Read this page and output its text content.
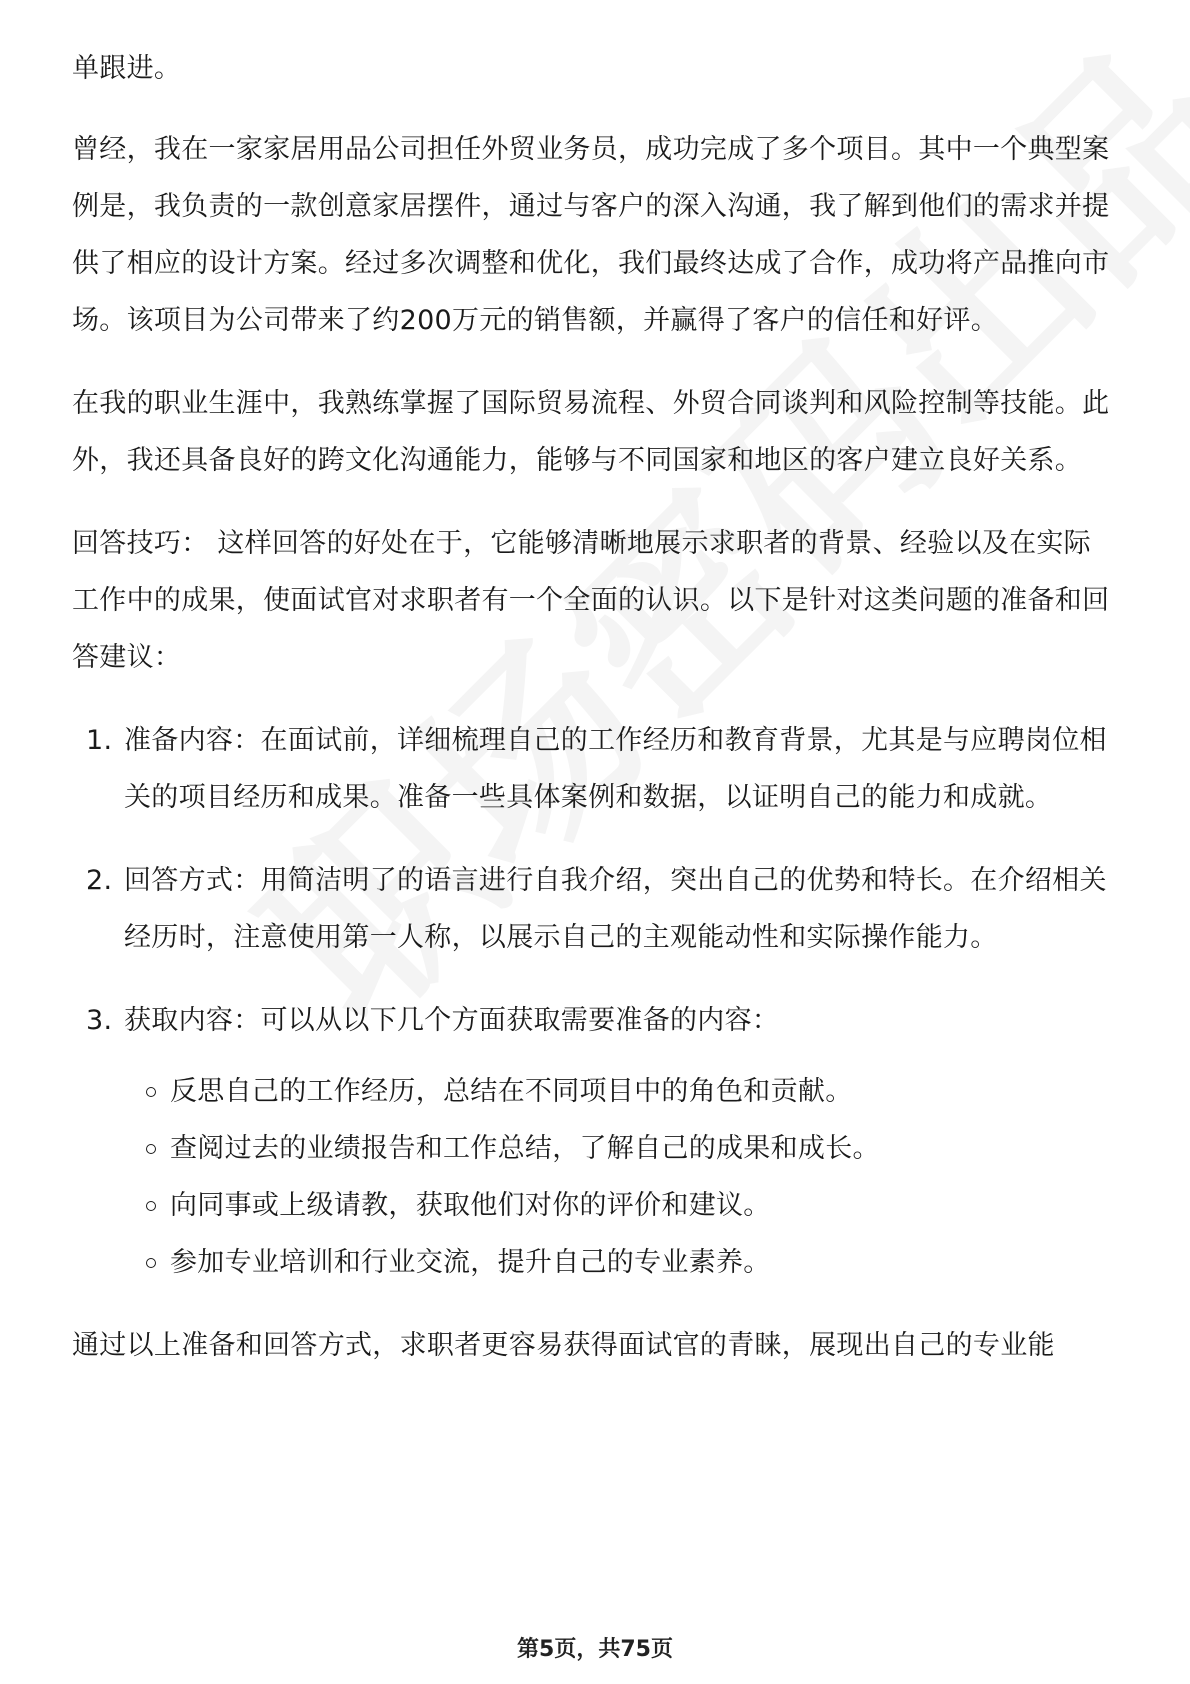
单跟进。

曾经，我在一家家居用品公司担任外贸业务员，成功完成了多个项目。其中一个典型案例是，我负责的一款创意家居摆件，通过与客户的深入沟通，我了解到他们的需求并提供了相应的设计方案。经过多次调整和优化，我们最终达成了合作，成功将产品推向市场。该项目为公司带来了约200万元的销售额，并赢得了客户的信任和好评。

在我的职业生涯中，我熟练掌握了国际贸易流程、外贸合同谈判和风险控制等技能。此外，我还具备良好的跨文化沟通能力，能够与不同国家和地区的客户建立良好关系。

回答技巧： 这样回答的好处在于，它能够清晰地展示求职者的背景、经验以及在实际工作中的成果，使面试官对求职者有一个全面的认识。以下是针对这类问题的准备和回答建议：

1. 准备内容：在面试前，详细梳理自己的工作经历和教育背景，尤其是与应聘岗位相关的项目经历和成果。准备一些具体案例和数据，以证明自己的能力和成就。
2. 回答方式：用简洁明了的语言进行自我介绍，突出自己的优势和特长。在介绍相关经历时，注意使用第一人称，以展示自己的主观能动性和实际操作能力。
3. 获取内容：可以从以下几个方面获取需要准备的内容：
反思自己的工作经历，总结在不同项目中的角色和贡献。
查阅过去的业绩报告和工作总结，了解自己的成果和成长。
向同事或上级请教，获取他们对你的评价和建议。
参加专业培训和行业交流，提升自己的专业素养。

通过以上准备和回答方式，求职者更容易获得面试官的青睐，展现出自己的专业能

第5页，共75页
